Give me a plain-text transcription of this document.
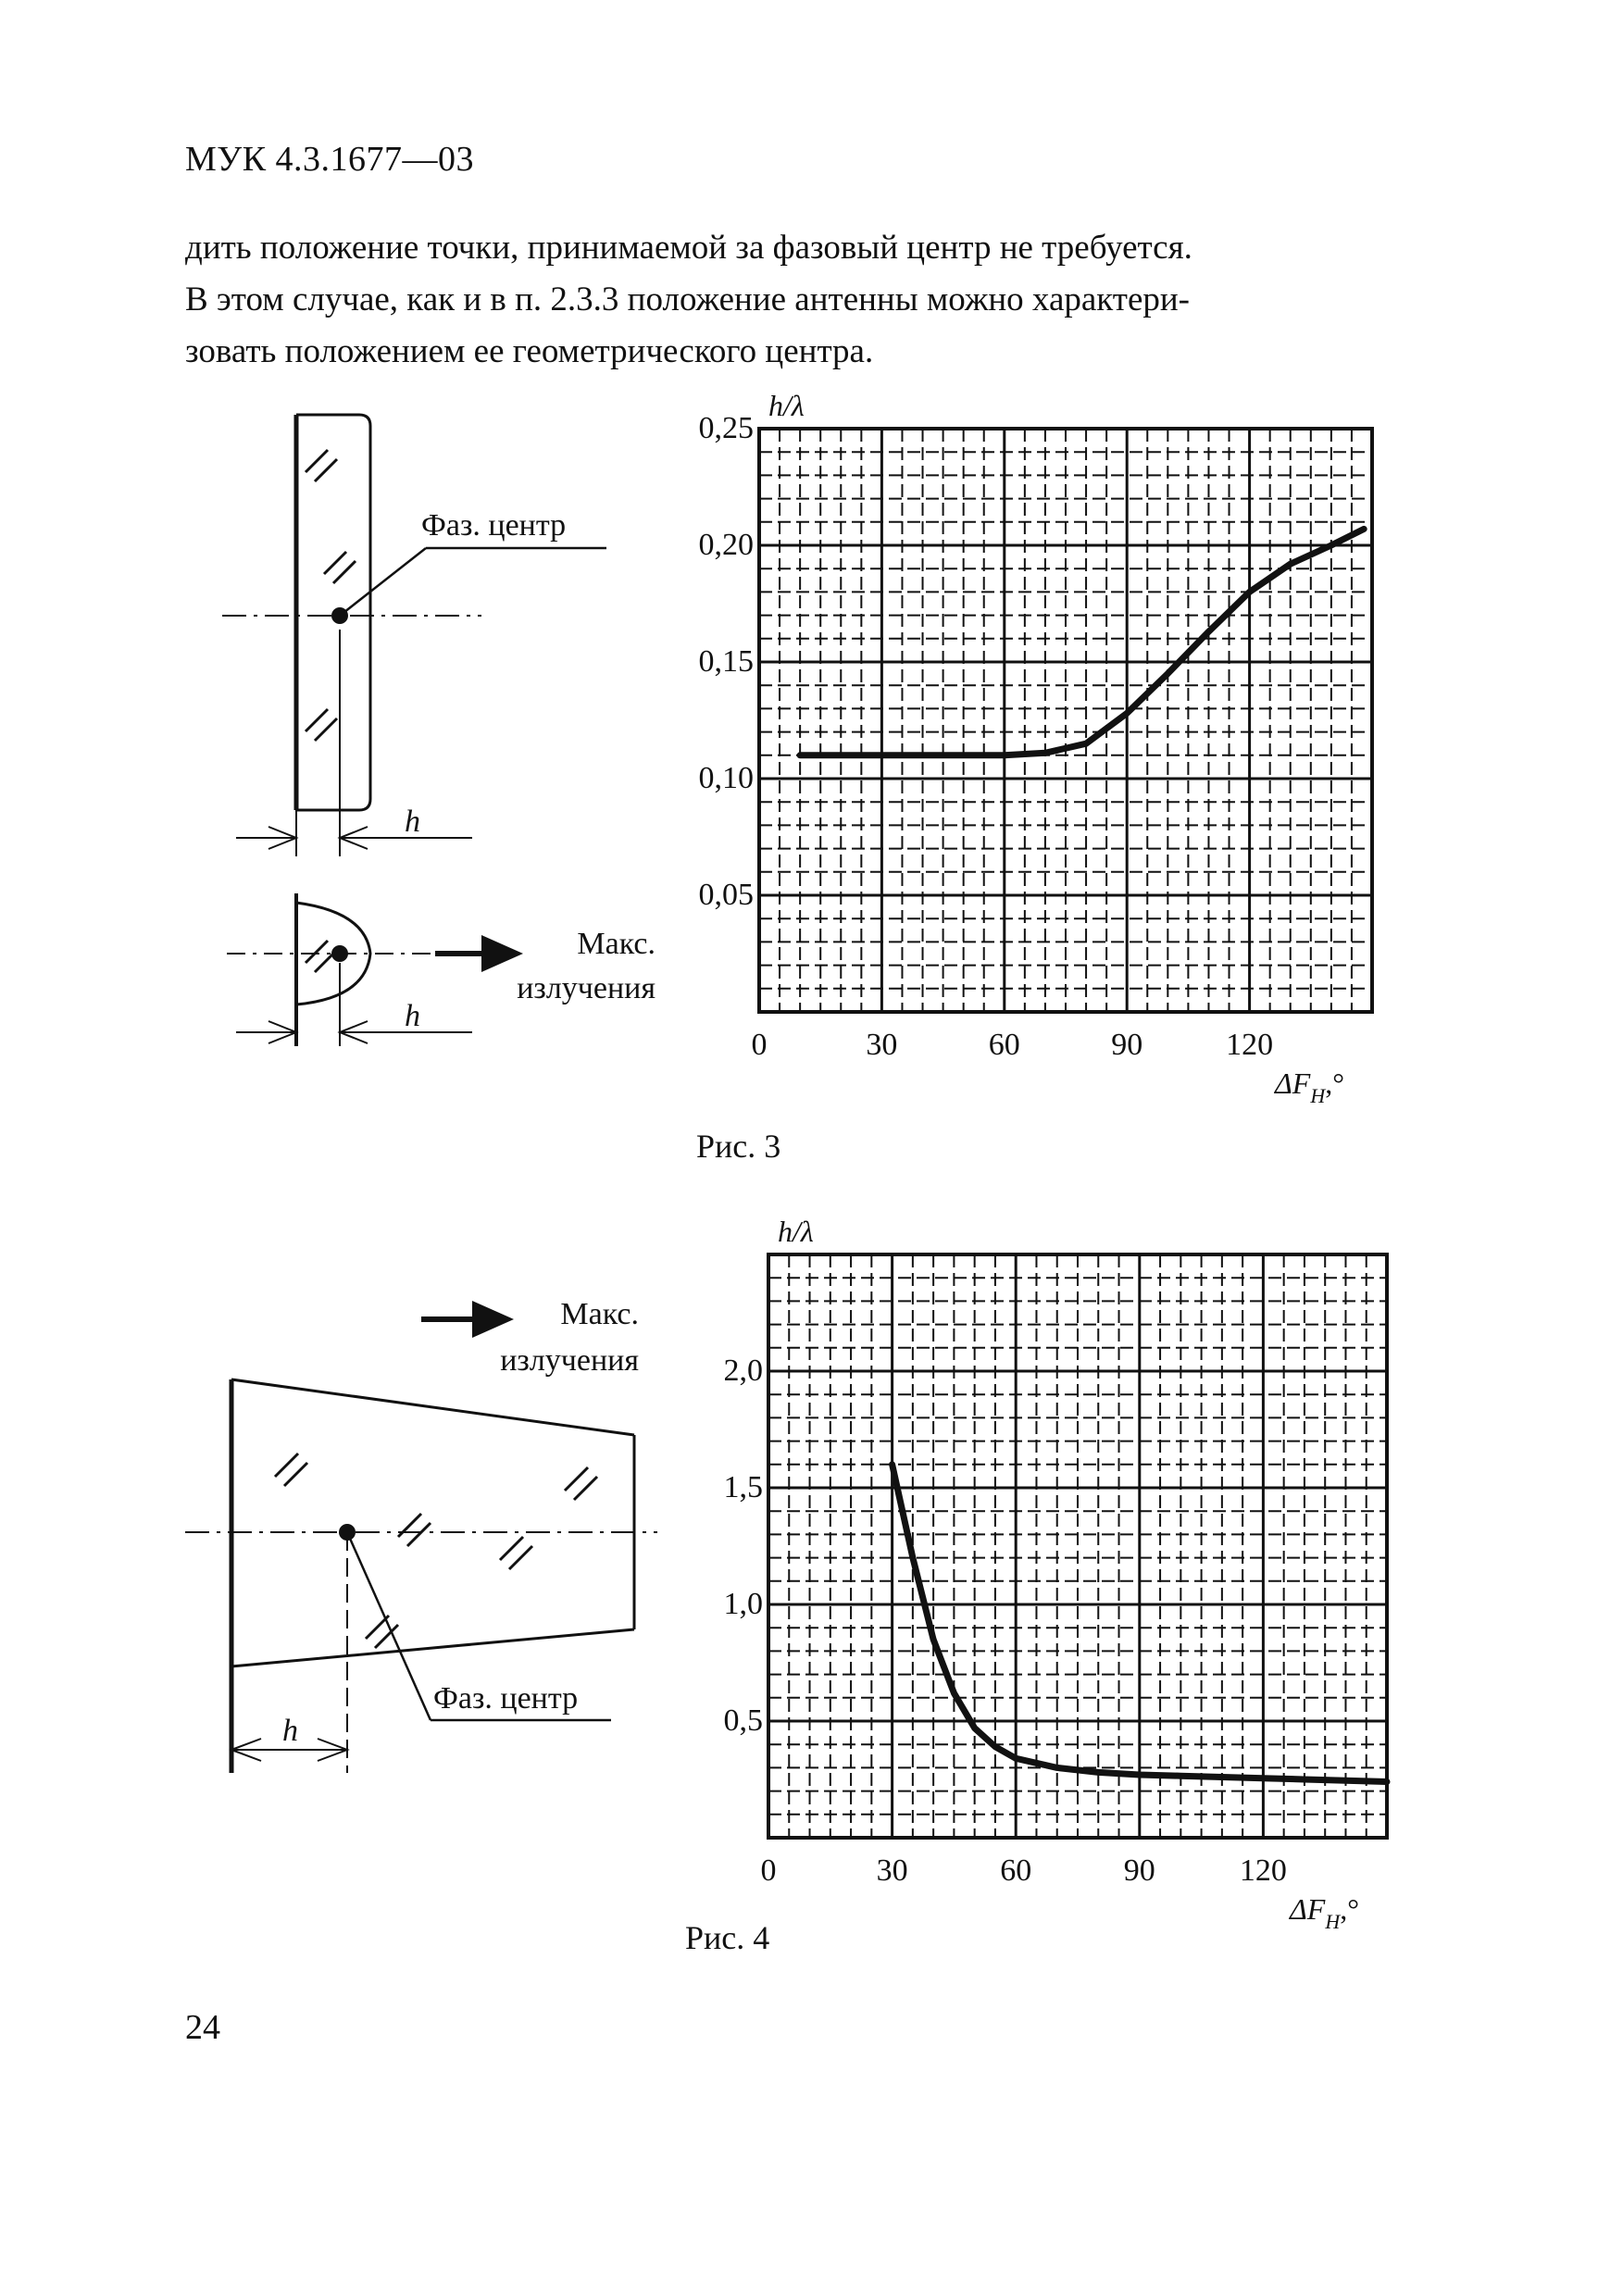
МУК 4.3.1677—03
дить положение точки, принимаемой за фазовый центр не требуется.
В этом случае, как и в п. 2.3.3 положение антенны можно характери-
зовать положением ее геометрического центра.
Фаз. центр
h
h
Макс.
излучения
h
Фаз. центр
Макс.
излучения
0,05
0,10
0,15
0,20
0,25
0	30	60	90	120
h/λ
$\Delta F_H,^\circ$
0,5
1,0
1,5
2,0
0	30	60	90	120
h/λ
$\Delta F_H,^\circ$
Рис. 3
Рис. 4
24
